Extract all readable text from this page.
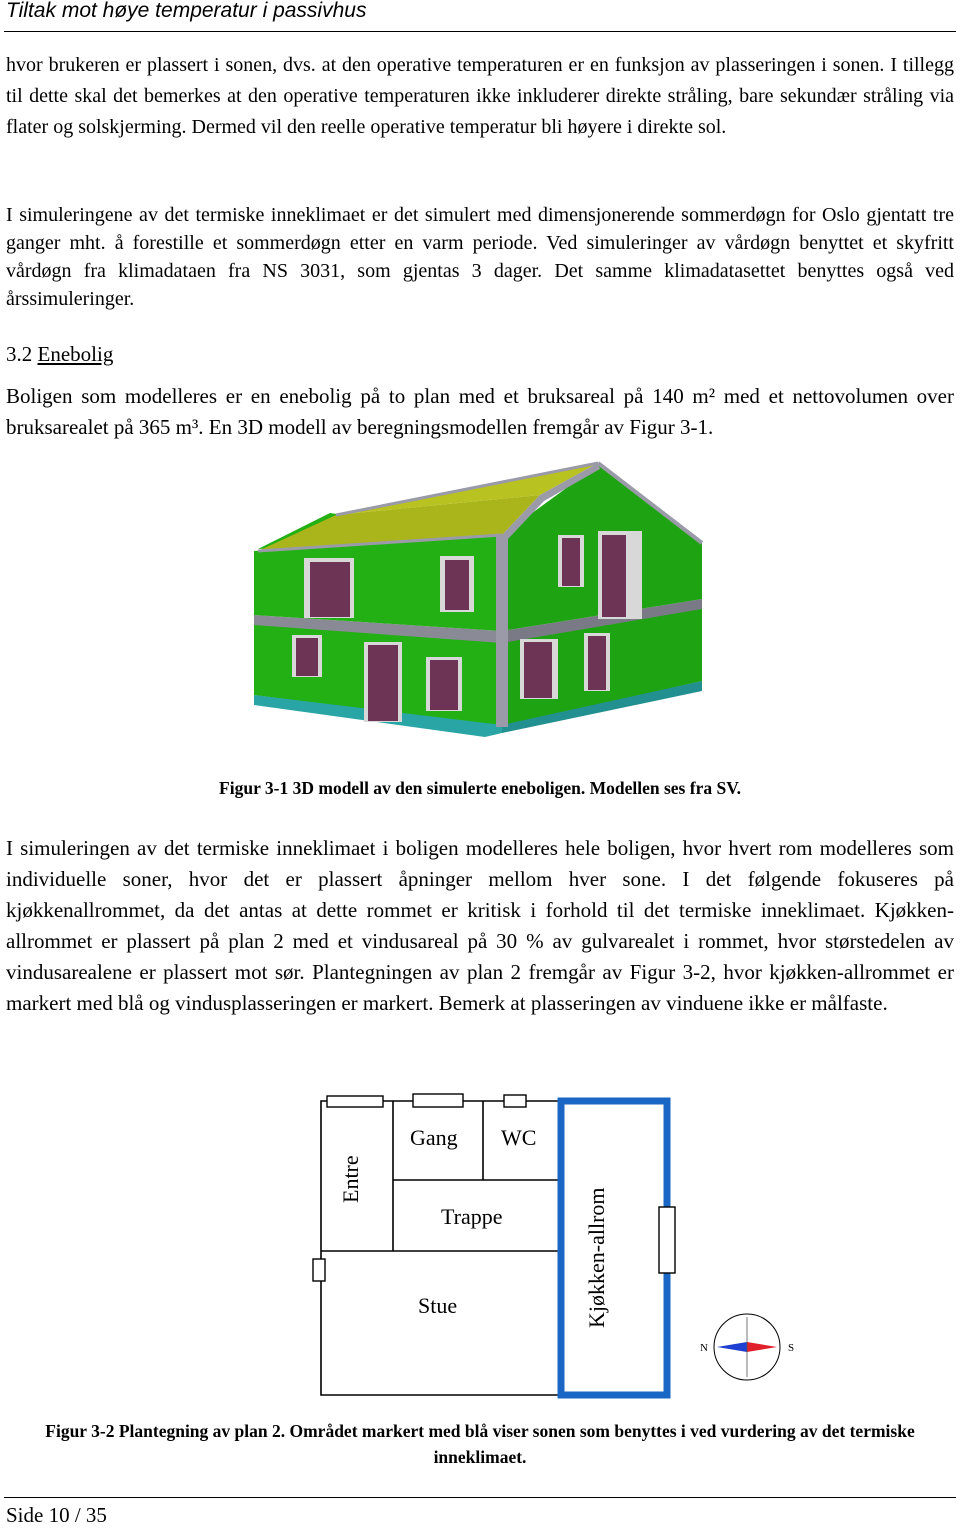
Tiltak mot høye temperatur i passivhus

hvor brukeren er plassert i sonen, dvs. at den operative temperaturen er en funksjon av plasseringen i sonen. I tillegg til dette skal det bemerkes at den operative temperaturen ikke inkluderer direkte stråling, bare sekundær stråling via flater og solskjerming. Dermed vil den reelle operative temperatur bli høyere i direkte sol.

I simuleringene av det termiske inneklimaet er det simulert med dimensjonerende sommerdøgn for Oslo gjentatt tre ganger mht. å forestille et sommerdøgn etter en varm periode. Ved simuleringer av vårdøgn benyttet et skyfritt vårdøgn fra klimadataen fra NS 3031, som gjentas 3 dager. Det samme klimadatasettet benyttes også ved årssimuleringer.

3.2 Enebolig

Boligen som modelleres er en enebolig på to plan med et bruksareal på 140 m² med et nettovolumen over bruksarealet på 365 m³. En 3D modell av beregningsmodellen fremgår av Figur 3-1.

Figur 3-1 3D modell av den simulerte eneboligen. Modellen ses fra SV.

I simuleringen av det termiske inneklimaet i boligen modelleres hele boligen, hvor hvert rom modelleres som individuelle soner, hvor det er plassert åpninger mellom hver sone. I det følgende fokuseres på kjøkkenallrommet, da det antas at dette rommet er kritisk i forhold til det termiske inneklimaet. Kjøkken-allrommet er plassert på plan 2 med et vindusareal på 30 % av gulvarealet i rommet, hvor størstedelen av vindusarealene er plassert mot sør. Plantegningen av plan 2 fremgår av Figur 3-2, hvor kjøkken-allrommet er markert med blå og vindusplasseringen er markert. Bemerk at plasseringen av vinduene ikke er målfaste.

Entre
Gang WC
Trappe
Stue	Kjøkken-allrom
N	S
Figur 3-2 Plantegning av plan 2. Området markert med blå viser sonen som benyttes i ved vurdering av det termiske inneklimaet.
Side 10 / 35
